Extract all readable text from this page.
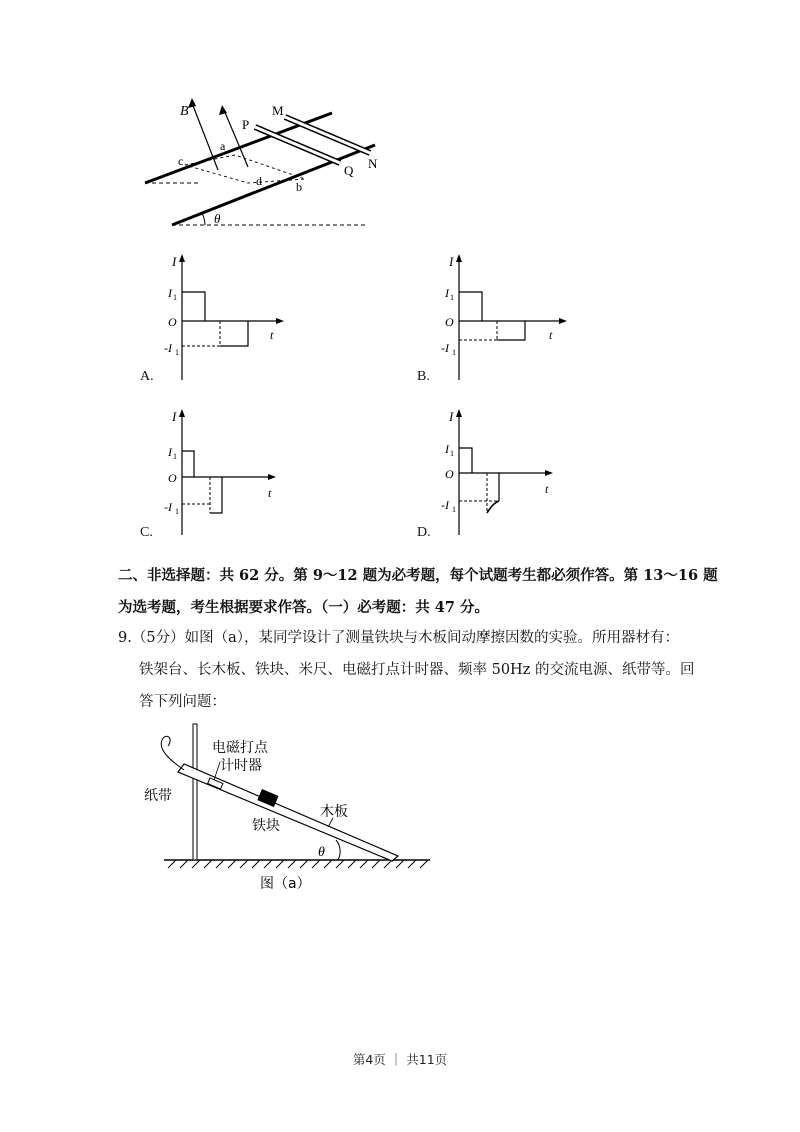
B
P
M
N
Q
a
c
d	b
θ
I
I 1
O
-I 1
t
A.
I
I 1
O
-I 1
t
B.
I
I 1
O
-I 1
t
C.
I
I 1
O
-I 1
t
D.
二、非选择题：共 62 分。第 9～12 题为必考题，每个试题考生都必须作答。第 13～16 题
为选考题，考生根据要求作答。（一）必考题：共 47 分。
9.（5分）如图（a），某同学设计了测量铁块与木板间动摩擦因数的实验。所用器材有：
铁架台、长木板、铁块、米尺、电磁打点计时器、频率 50Hz 的交流电源、纸带等。回
答下列问题：
电磁打点
计时器
纸带
铁块
木板
θ
图（a）
第4页 ｜ 共11页
